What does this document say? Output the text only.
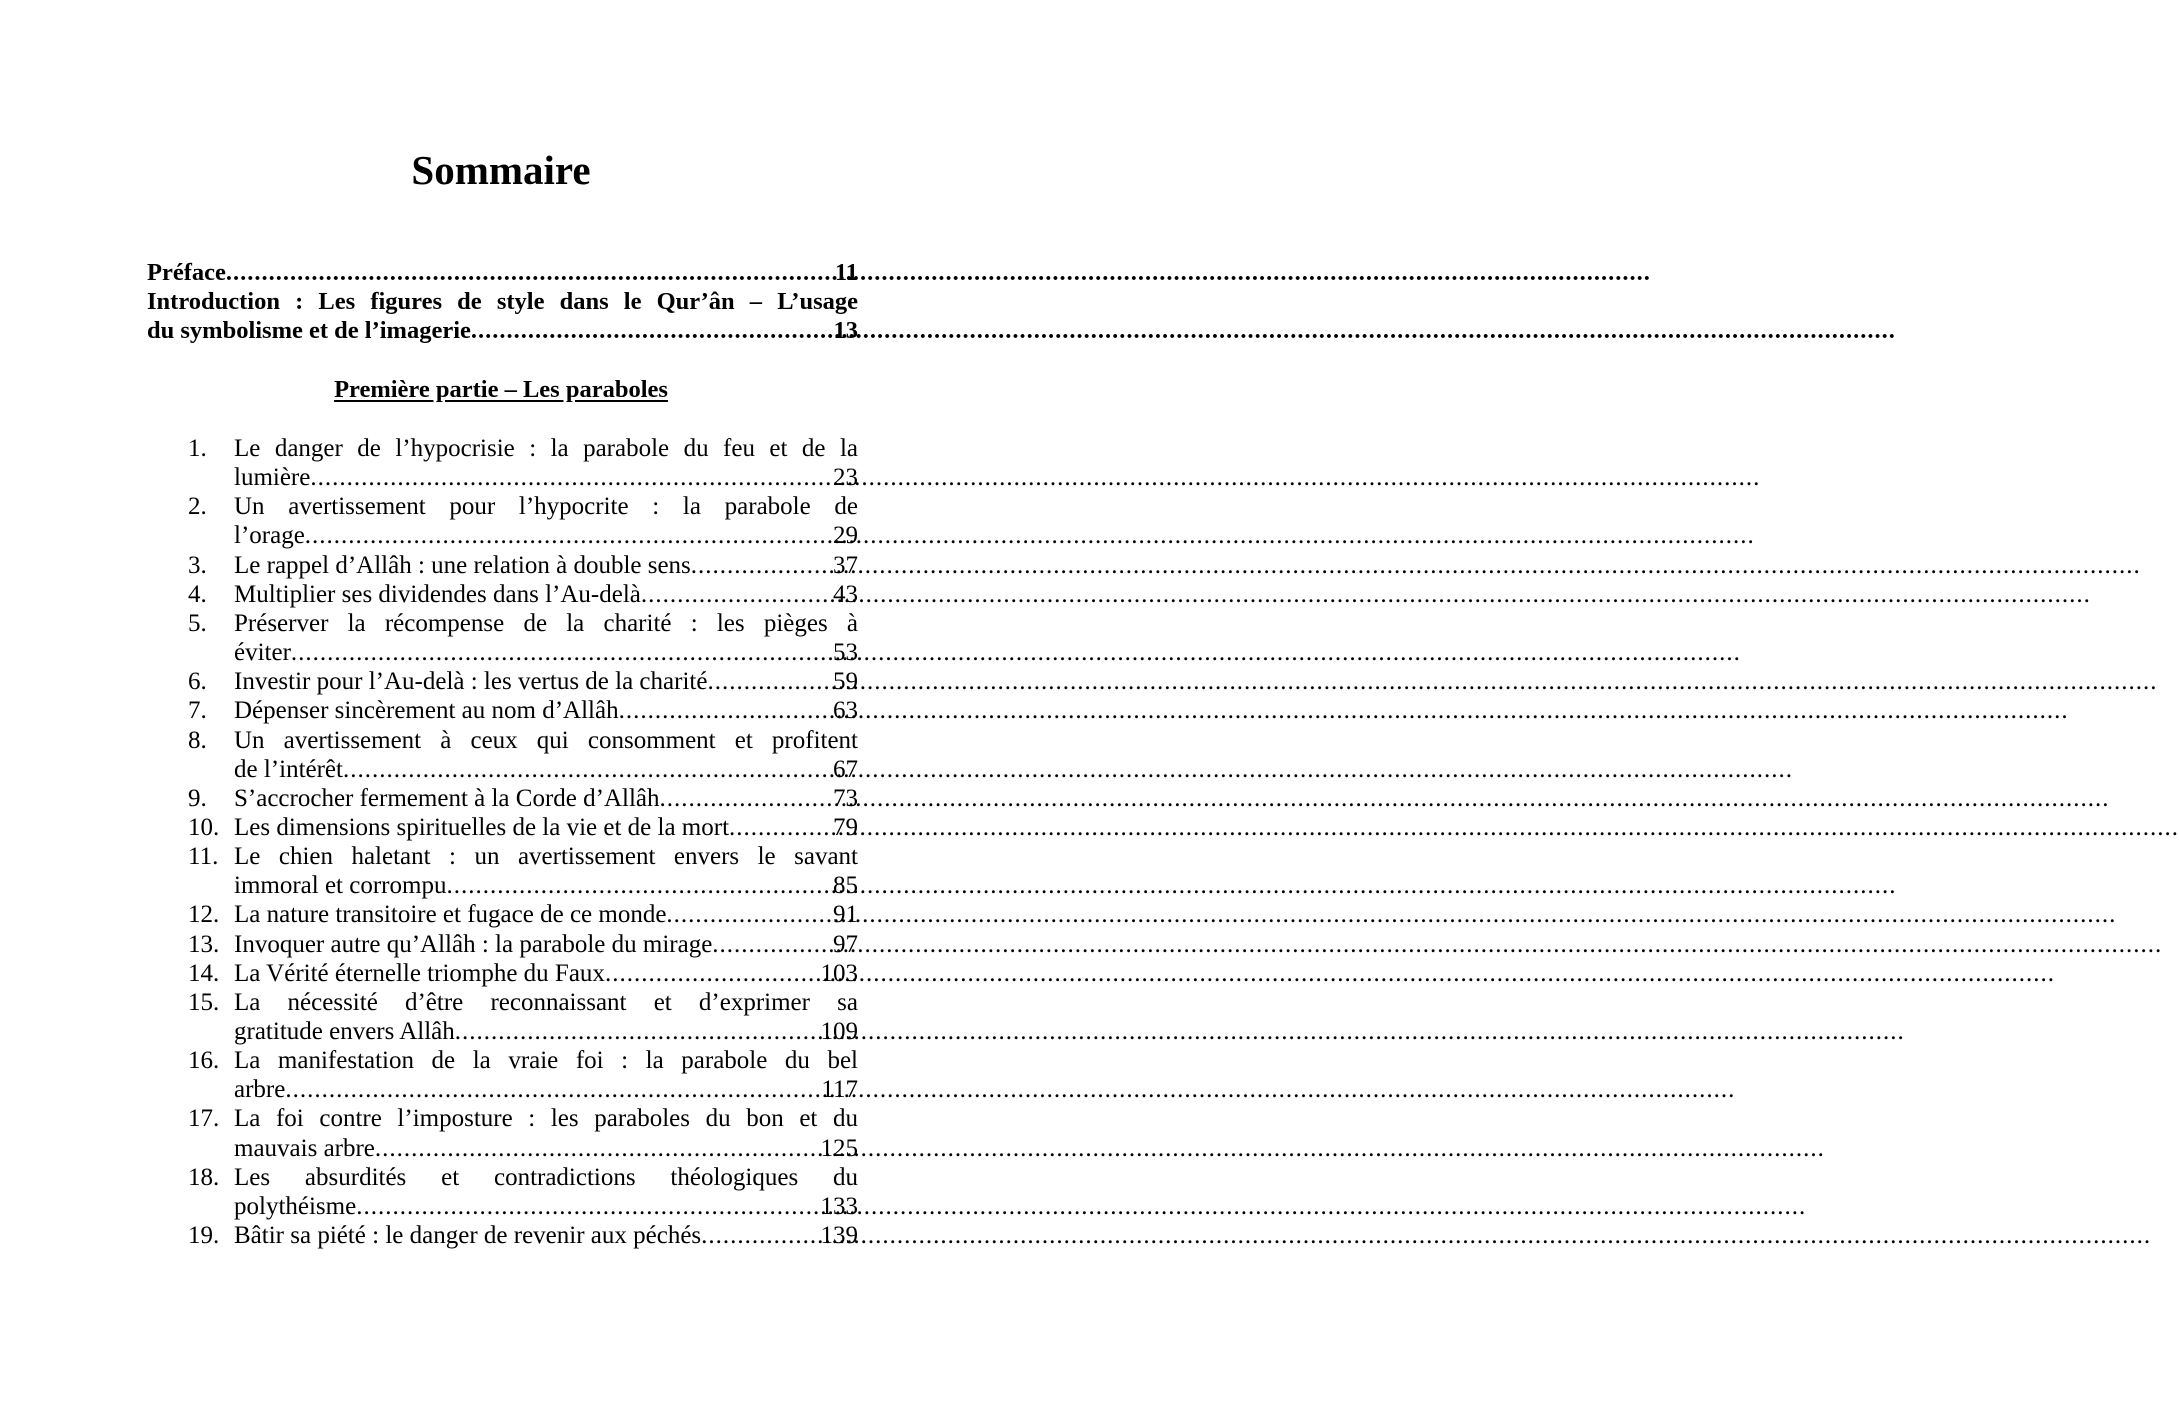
Sommaire
Préface .....	11
Introduction : Les figures de style dans le Qur’ân – L’usage
du symbolisme et de l’imagerie .....	13
Première partie – Les paraboles
1. Le danger de l’hypocrisie : la parabole du feu et de la
lumière .....	23
2. Un avertissement pour l’hypocrite : la parabole de
l’orage .....	29
3. Le rappel d’Allâh : une relation à double sens .....	37
4. Multiplier ses dividendes dans l’Au-delà .....	43
5. Préserver la récompense de la charité : les pièges à
éviter .....	53
6. Investir pour l’Au-delà : les vertus de la charité .....	59
7. Dépenser sincèrement au nom d’Allâh .....	63
8. Un avertissement à ceux qui consomment et profitent
de l’intérêt .....	67
9. S’accrocher fermement à la Corde d’Allâh .....	73
10. Les dimensions spirituelles de la vie et de la mort .....	79
11. Le chien haletant : un avertissement envers le savant
immoral et corrompu .....	85
12. La nature transitoire et fugace de ce monde .....	91
13. Invoquer autre qu’Allâh : la parabole du mirage .....	97
14. La Vérité éternelle triomphe du Faux .....	103
15. La nécessité d’être reconnaissant et d’exprimer sa
gratitude envers Allâh .....	109
16. La manifestation de la vraie foi : la parabole du bel
arbre .....	117
17. La foi contre l’imposture : les paraboles du bon et du
mauvais arbre .....	125
18. Les absurdités et contradictions théologiques du
polythéisme .....	133
19. Bâtir sa piété : le danger de revenir aux péchés .....	139
